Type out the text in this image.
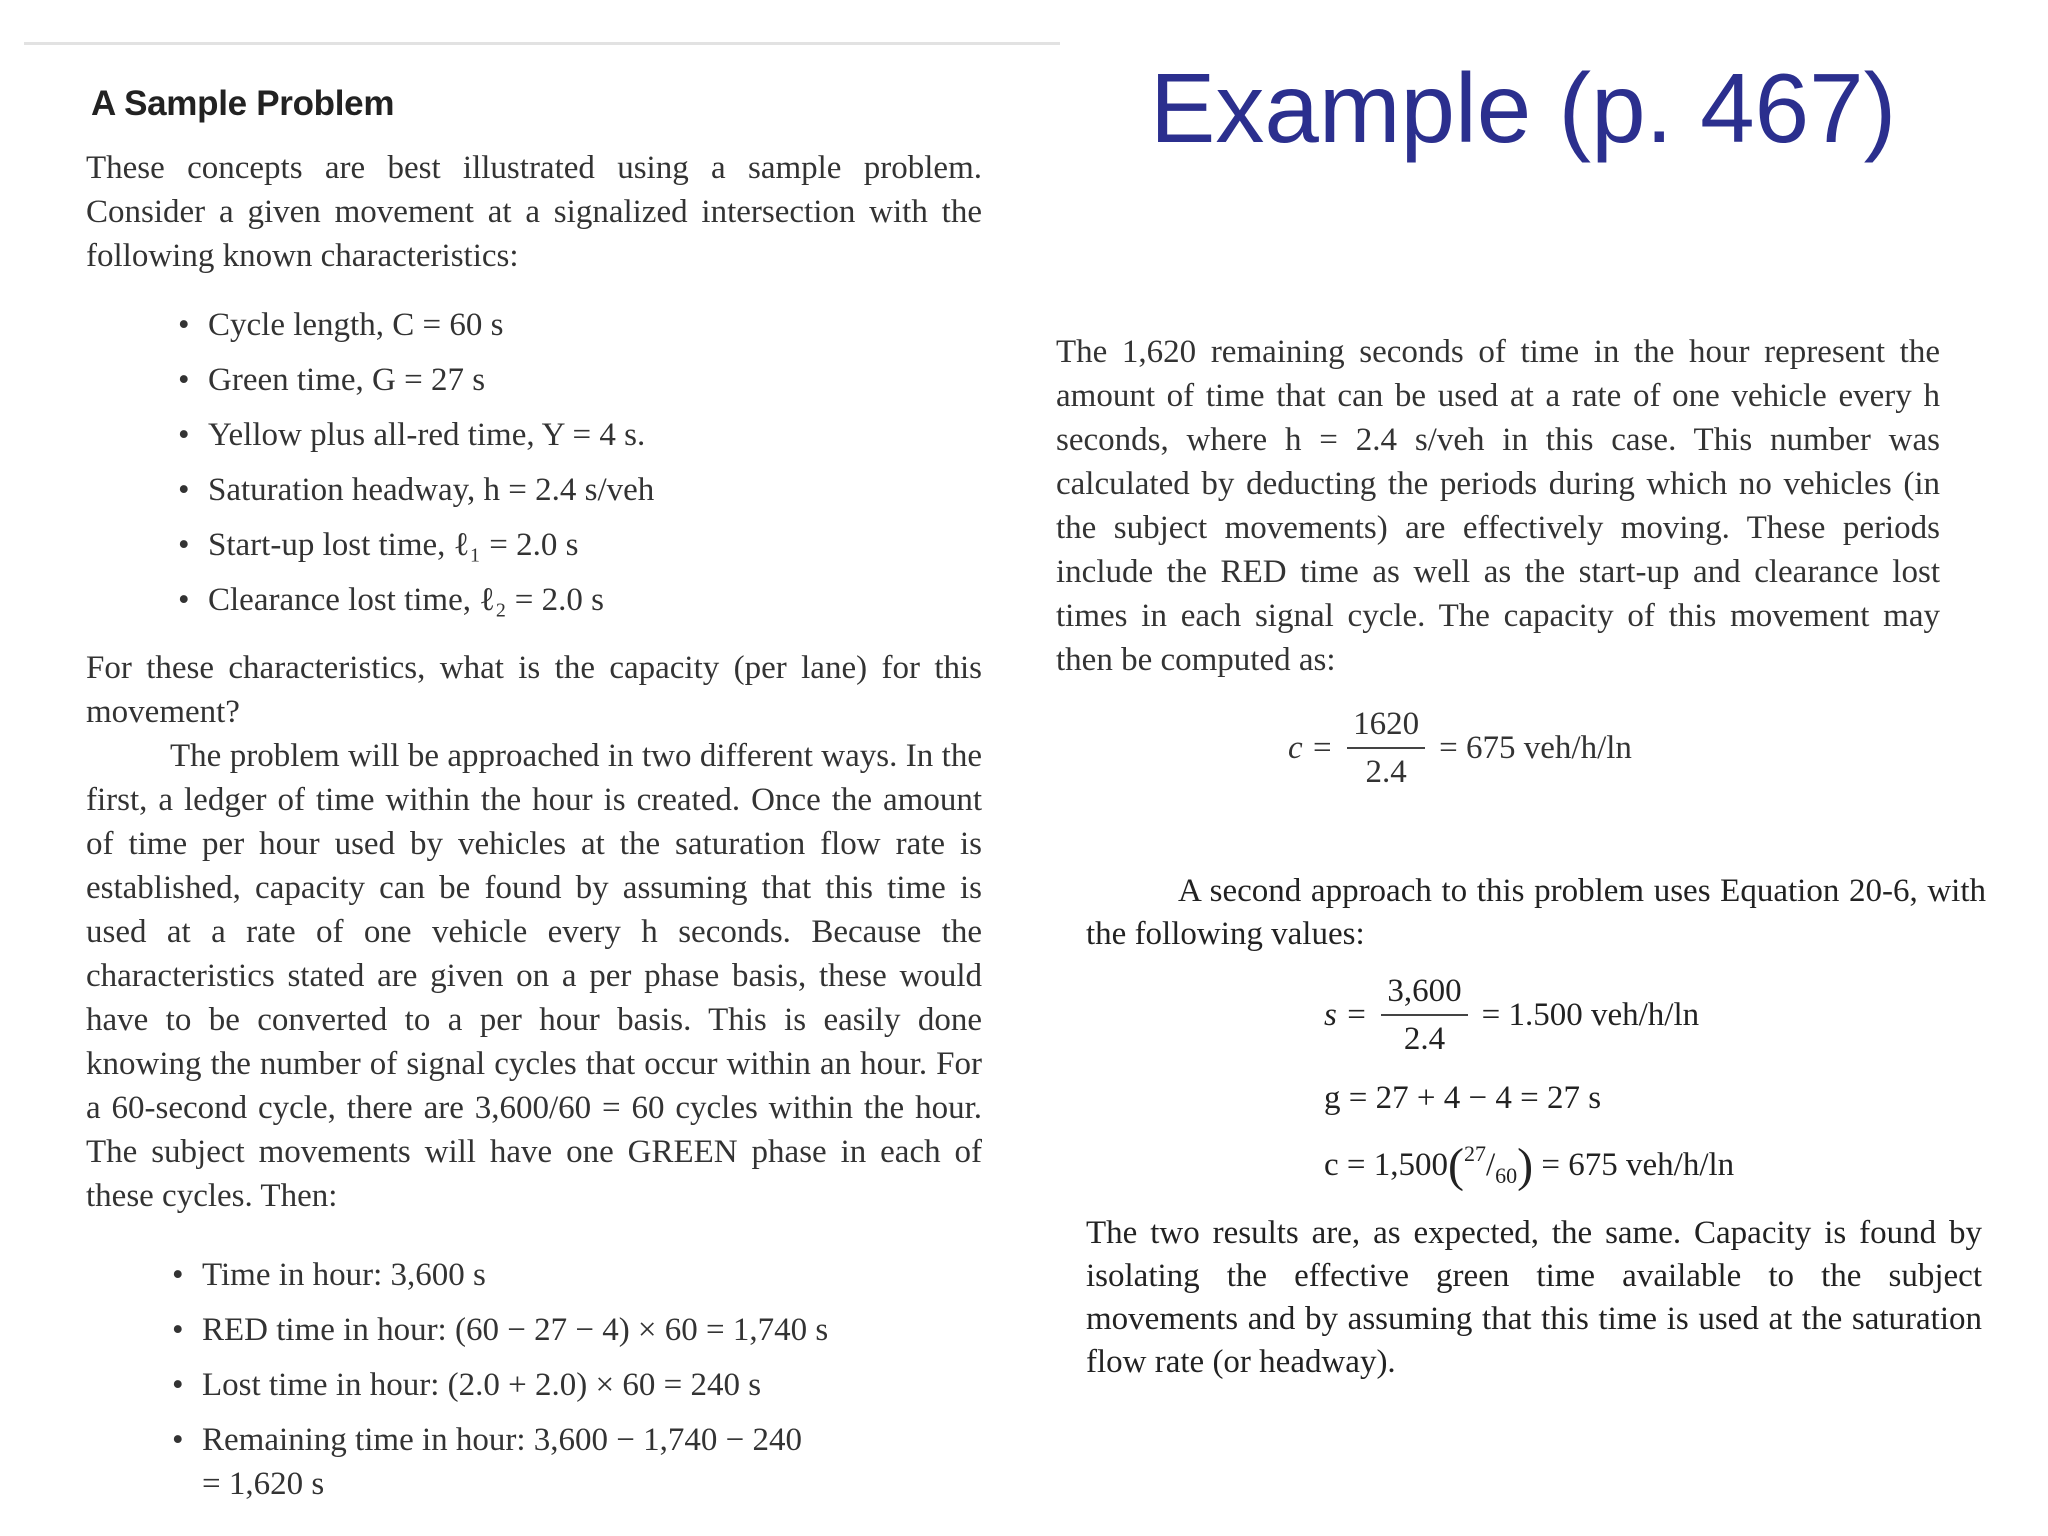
Example (p. 467)
A Sample Problem

These concepts are best illustrated using a sample problem. Consider a given movement at a signalized intersection with the following known characteristics:

• Cycle length, C = 60 s
• Green time, G = 27 s
• Yellow plus all-red time, Y = 4 s.
• Saturation headway, h = 2.4 s/veh
• Start-up lost time, ℓ₁ = 2.0 s
• Clearance lost time, ℓ₂ = 2.0 s

For these characteristics, what is the capacity (per lane) for this movement?

The problem will be approached in two different ways. In the first, a ledger of time within the hour is created. Once the amount of time per hour used by vehicles at the saturation flow rate is established, capacity can be found by assuming that this time is used at a rate of one vehicle every h seconds. Because the characteristics stated are given on a per phase basis, these would have to be converted to a per hour basis. This is easily done knowing the number of signal cycles that occur within an hour. For a 60-second cycle, there are 3,600/60 = 60 cycles within the hour. The subject movements will have one GREEN phase in each of these cycles. Then:

• Time in hour: 3,600 s
• RED time in hour: (60 − 27 − 4) × 60 = 1,740 s
• Lost time in hour: (2.0 + 2.0) × 60 = 240 s
• Remaining time in hour: 3,600 − 1,740 − 240
= 1,620 s

The 1,620 remaining seconds of time in the hour represent the amount of time that can be used at a rate of one vehicle every h seconds, where h = 2.4 s/veh in this case. This number was calculated by deducting the periods during which no vehicles (in the subject movements) are effectively moving. These periods include the RED time as well as the start-up and clearance lost times in each signal cycle. The capacity of this movement may then be computed as:

$c = \frac{1620}{2.4} = 675$ veh/h/ln

A second approach to this problem uses Equation 20-6, with the following values:

$s = \frac{3,600}{2.4} = 1.500$ veh/h/ln
g = 27 + 4 − 4 = 27 s
$c = 1,500(^{27}/_{60}) = 675$ veh/h/ln
The two results are, as expected, the same. Capacity is found by isolating the effective green time available to the subject movements and by assuming that this time is used at the saturation flow rate (or headway).
